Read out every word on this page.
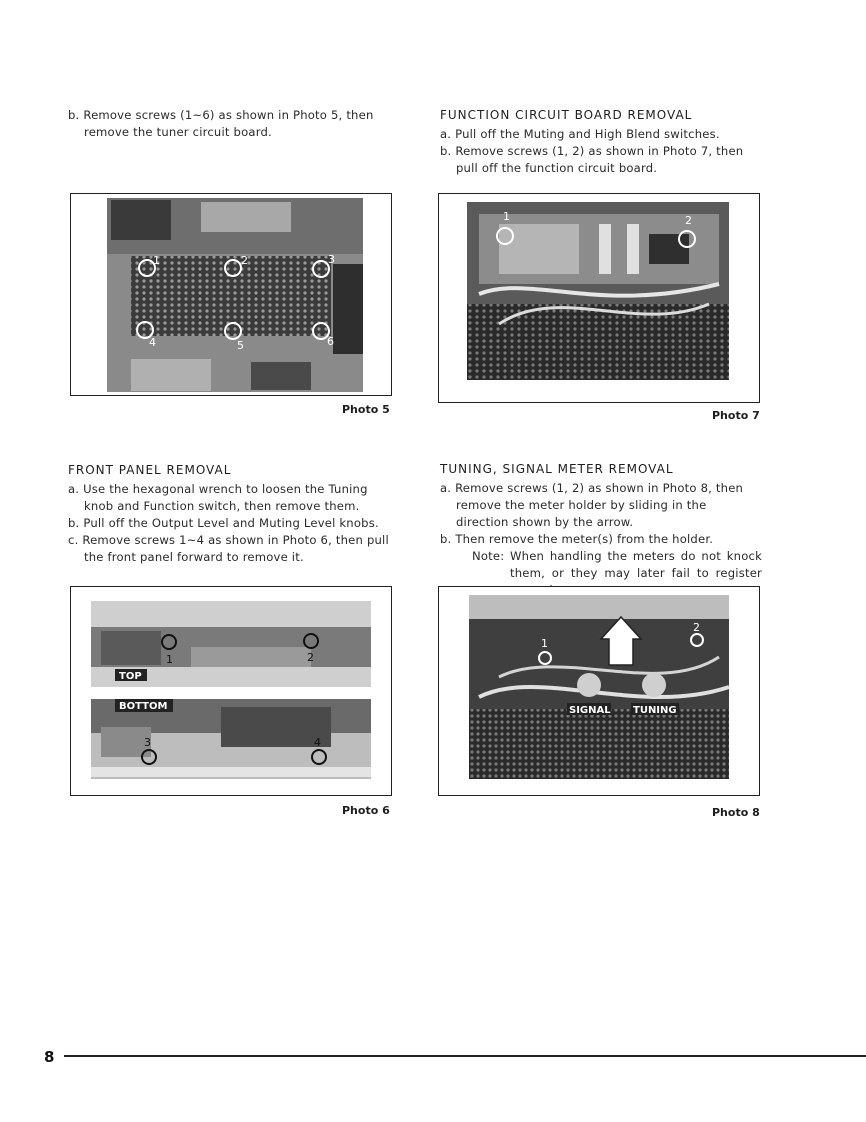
b. Remove screws (1~6) as shown in Photo 5, then remove the tuner circuit board.

FUNCTION CIRCUIT BOARD REMOVAL

a. Pull off the Muting and High Blend switches.

b. Remove screws (1, 2) as shown in Photo 7, then pull off the function circuit board.

1	2	3
4	5	6
Photo 5
1	2
Photo 7
FRONT PANEL REMOVAL

a. Use the hexagonal wrench to loosen the Tuning knob and Function switch, then remove them.

b. Pull off the Output Level and Muting Level knobs.

c. Remove screws 1~4 as shown in Photo 6, then pull the front panel forward to remove it.

TUNING, SIGNAL METER REMOVAL

a. Remove screws (1, 2) as shown in Photo 8, then remove the meter holder by sliding in the direction shown by the arrow.

b. Then remove the meter(s) from the holder.

Note: When handling the meters do not knock them, or they may later fail to register

TOP
BOTTOM
1	2
3	4
Photo 6
SIGNAL TUNING
1
2
Photo 8
8
